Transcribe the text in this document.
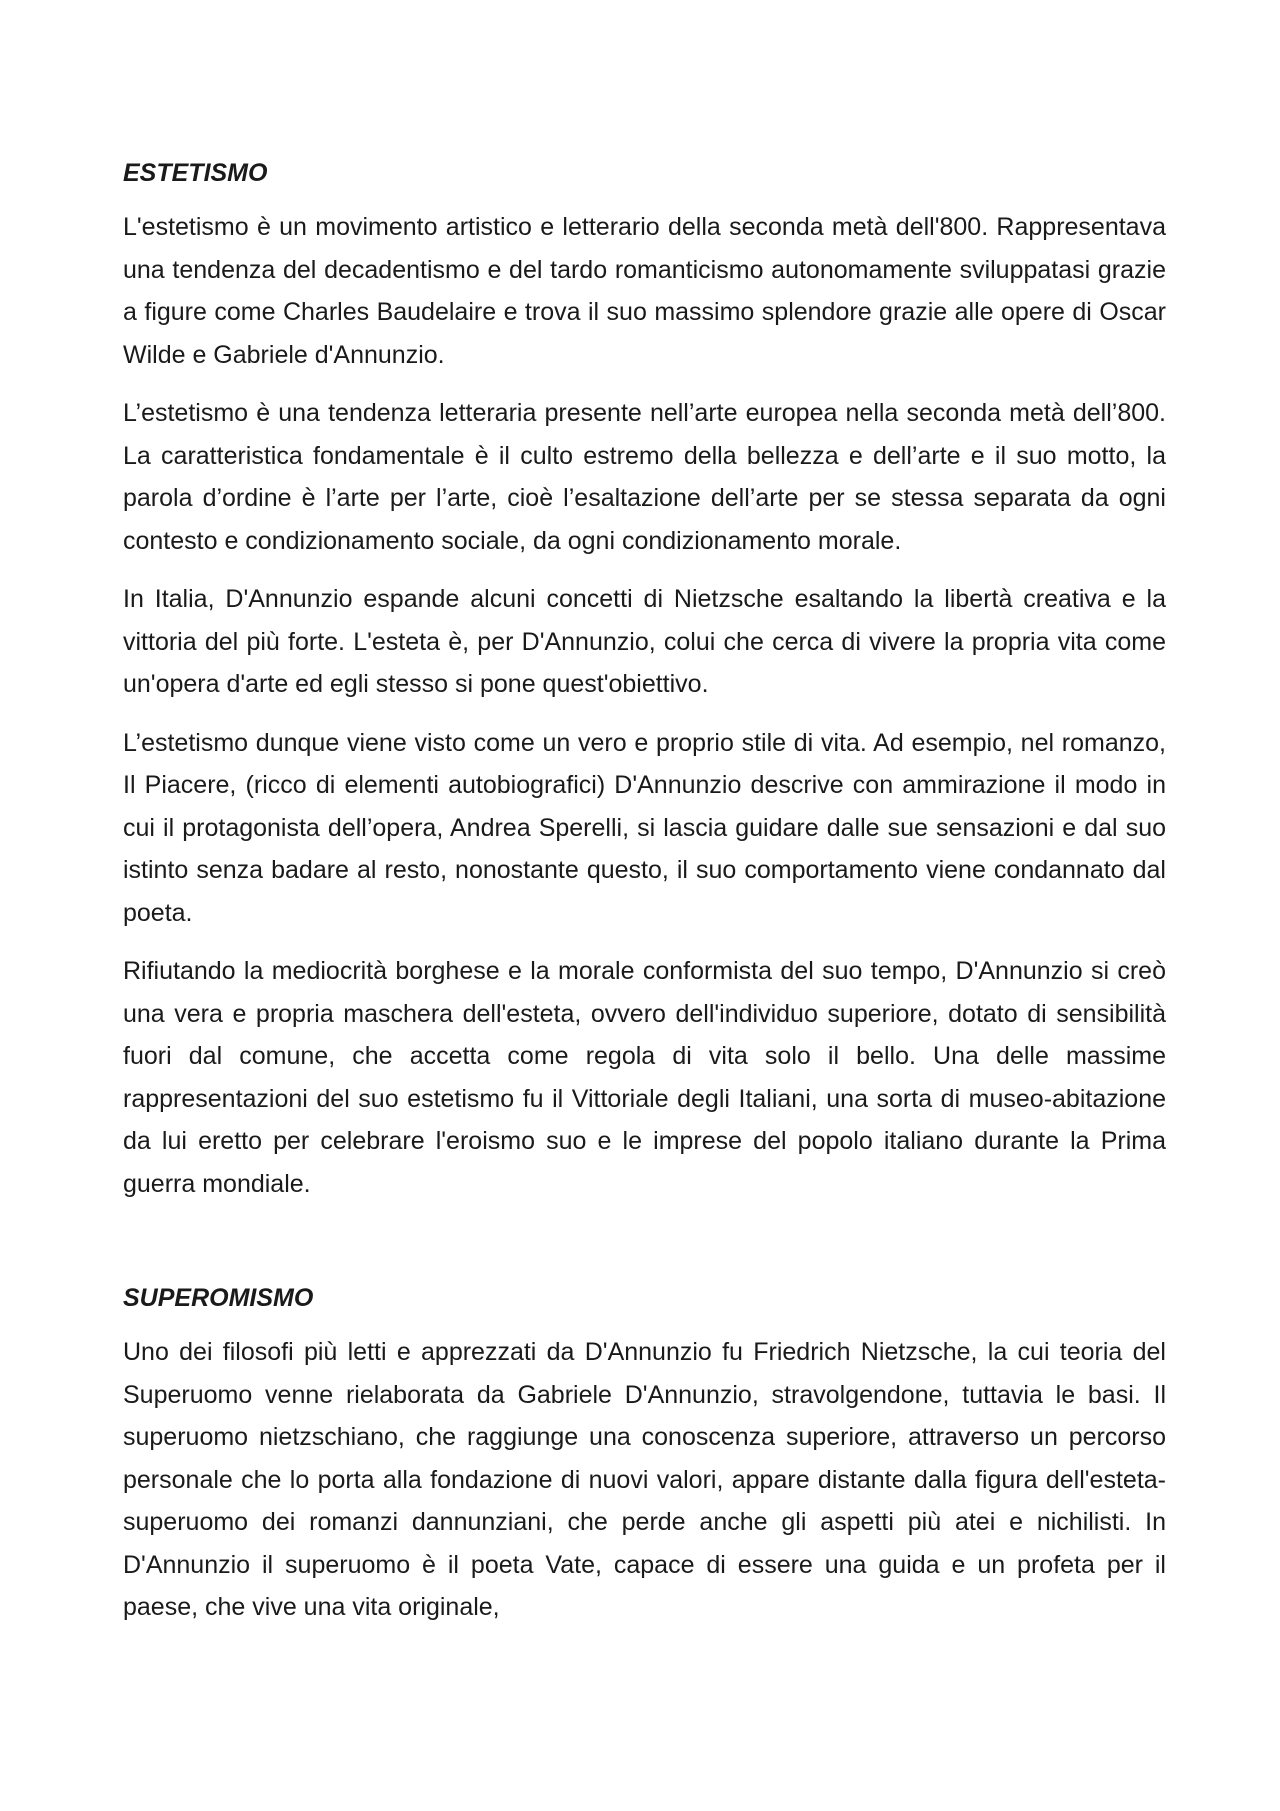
ESTETISMO

L'estetismo è un movimento artistico e letterario della seconda metà dell'800. Rappresentava una tendenza del decadentismo e del tardo romanticismo autonomamente sviluppatasi grazie a figure come Charles Baudelaire e trova il suo massimo splendore grazie alle opere di Oscar Wilde e Gabriele d'Annunzio.

L’estetismo è una tendenza letteraria presente nell’arte europea nella seconda metà dell’800. La caratteristica fondamentale è il culto estremo della bellezza e dell’arte e il suo motto, la parola d’ordine è l’arte per l’arte, cioè l’esaltazione dell’arte per se stessa separata da ogni contesto e condizionamento sociale, da ogni condizionamento morale.

In Italia, D'Annunzio espande alcuni concetti di Nietzsche esaltando la libertà creativa e la vittoria del più forte. L'esteta è, per D'Annunzio, colui che cerca di vivere la propria vita come un'opera d'arte ed egli stesso si pone quest'obiettivo.

L’estetismo dunque viene visto come un vero e proprio stile di vita. Ad esempio, nel romanzo, Il Piacere, (ricco di elementi autobiografici) D'Annunzio descrive con ammirazione il modo in cui il protagonista dell’opera, Andrea Sperelli, si lascia guidare dalle sue sensazioni e dal suo istinto senza badare al resto, nonostante questo, il suo comportamento viene condannato dal poeta.

Rifiutando la mediocrità borghese e la morale conformista del suo tempo, D'Annunzio si creò una vera e propria maschera dell'esteta, ovvero dell'individuo superiore, dotato di sensibilità fuori dal comune, che accetta come regola di vita solo il bello. Una delle massime rappresentazioni del suo estetismo fu il Vittoriale degli Italiani, una sorta di museo-abitazione da lui eretto per celebrare l'eroismo suo e le imprese del popolo italiano durante la Prima guerra mondiale.

SUPEROMISMO

Uno dei filosofi più letti e apprezzati da D'Annunzio fu Friedrich Nietzsche, la cui teoria del Superuomo venne rielaborata da Gabriele D'Annunzio, stravolgendone, tuttavia le basi. Il superuomo nietzschiano, che raggiunge una conoscenza superiore, attraverso un percorso personale che lo porta alla fondazione di nuovi valori, appare distante dalla figura dell'esteta-superuomo dei romanzi dannunziani, che perde anche gli aspetti più atei e nichilisti. In D'Annunzio il superuomo è il poeta Vate, capace di essere una guida e un profeta per il paese, che vive una vita originale,
